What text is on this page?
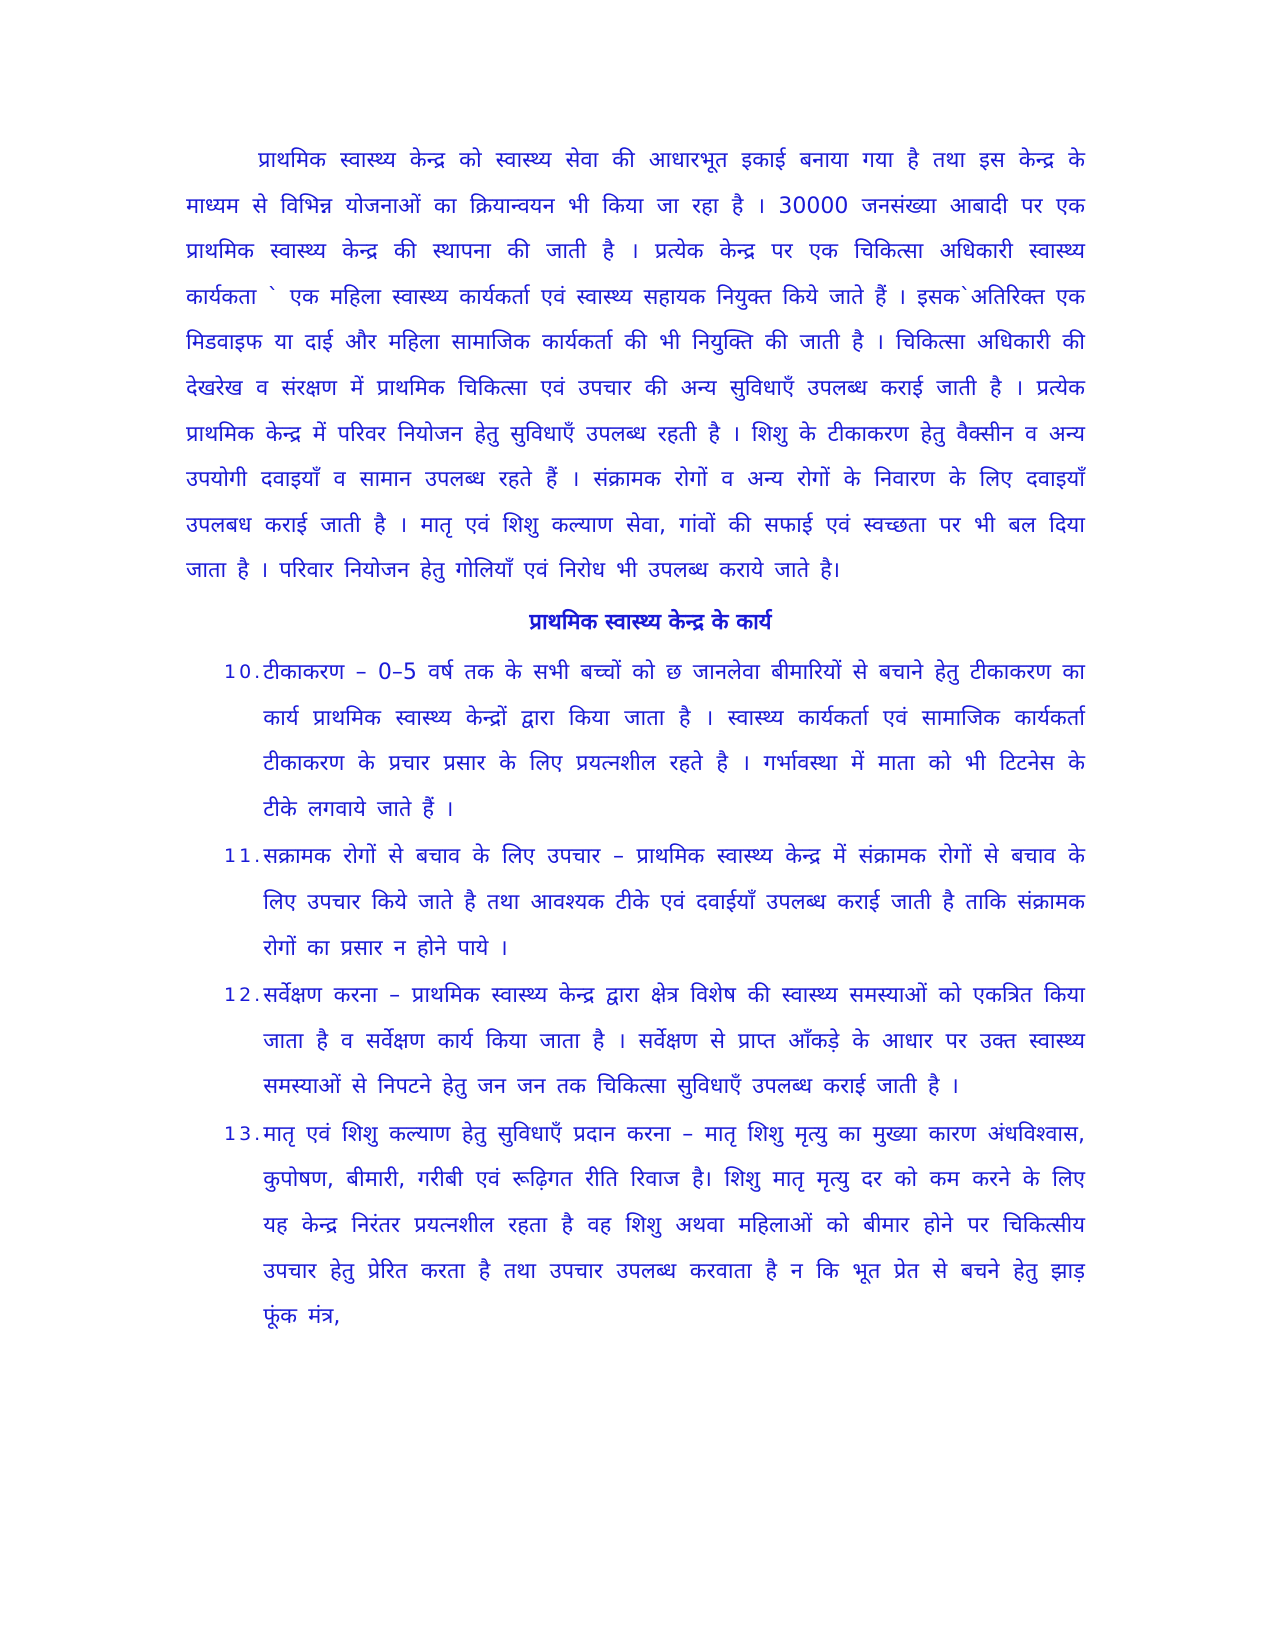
प्राथमिक स्वास्थ्य केन्द्र को स्वास्थ्य सेवा की आधारभूत इकाई बनाया गया है तथा इस केन्द्र के माध्यम से विभिन्न योजनाओं का क्रियान्वयन भी किया जा रहा है । 30000 जनसंख्या आबादी पर एक प्राथमिक स्वास्थ्य केन्द्र की स्थापना की जाती है । प्रत्येक केन्द्र पर एक चिकित्सा अधिकारी स्वास्थ्य कार्यकता ` एक महिला स्वास्थ्य कार्यकर्ता एवं स्वास्थ्य सहायक नियुक्त किये जाते हैं । इसक`अतिरिक्त एक मिडवाइफ या दाई और महिला सामाजिक कार्यकर्ता की भी नियुक्ति की जाती है । चिकित्सा अधिकारी की देखरेख व संरक्षण में प्राथमिक चिकित्सा एवं उपचार की अन्य सुविधाएँ उपलब्ध कराई जाती है । प्रत्येक प्राथमिक केन्द्र में परिवर नियोजन हेतु सुविधाएँ उपलब्ध रहती है । शिशु के टीकाकरण हेतु वैक्सीन व अन्य उपयोगी दवाइयाँ व सामान उपलब्ध रहते हैं । संक्रामक रोगों व अन्य रोगों के निवारण के लिए दवाइयाँ उपलबध कराई जाती है । मातृ एवं शिशु कल्याण सेवा, गांवों की सफाई एवं स्वच्छता पर भी बल दिया जाता है । परिवार नियोजन हेतु गोलियाँ एवं निरोध भी उपलब्ध कराये जाते है।

प्राथमिक स्वास्थ्य केन्द्र के कार्य
10. टीकाकरण – 0–5 वर्ष तक के सभी बच्चों को छ जानलेवा बीमारियों से बचाने हेतु टीकाकरण का कार्य प्राथमिक स्वास्थ्य केन्द्रों द्वारा किया जाता है । स्वास्थ्य कार्यकर्ता एवं सामाजिक कार्यकर्ता टीकाकरण के प्रचार प्रसार के लिए प्रयत्नशील रहते है । गर्भावस्था में माता को भी टिटनेस के टीके लगवाये जाते हैं ।

11. सक्रामक रोगों से बचाव के लिए उपचार – प्राथमिक स्वास्थ्य केन्द्र में संक्रामक रोगों से बचाव के लिए उपचार किये जाते है तथा आवश्यक टीके एवं दवाईयाँ उपलब्ध कराई जाती है ताकि संक्रामक रोगों का प्रसार न होने पाये ।

12. सर्वेक्षण करना – प्राथमिक स्वास्थ्य केन्द्र द्वारा क्षेत्र विशेष की स्वास्थ्य समस्याओं को एकत्रित किया जाता है व सर्वेक्षण कार्य किया जाता है । सर्वेक्षण से प्राप्त आँकड़े के आधार पर उक्त स्वास्थ्य समस्याओं से निपटने हेतु जन जन तक चिकित्सा सुविधाएँ उपलब्ध कराई जाती है ।

13. मातृ एवं शिशु कल्याण हेतु सुविधाएँ प्रदान करना – मातृ शिशु मृत्यु का मुख्या कारण अंधविश्वास, कुपोषण, बीमारी, गरीबी एवं रूढ़िगत रीति रिवाज है। शिशु मातृ मृत्यु दर को कम करने के लिए यह केन्द्र निरंतर प्रयत्नशील रहता है वह शिशु अथवा महिलाओं को बीमार होने पर चिकित्सीय उपचार हेतु प्रेरित करता है तथा उपचार उपलब्ध करवाता है न कि भूत प्रेत से बचने हेतु झाड़ फूंक मंत्र,
